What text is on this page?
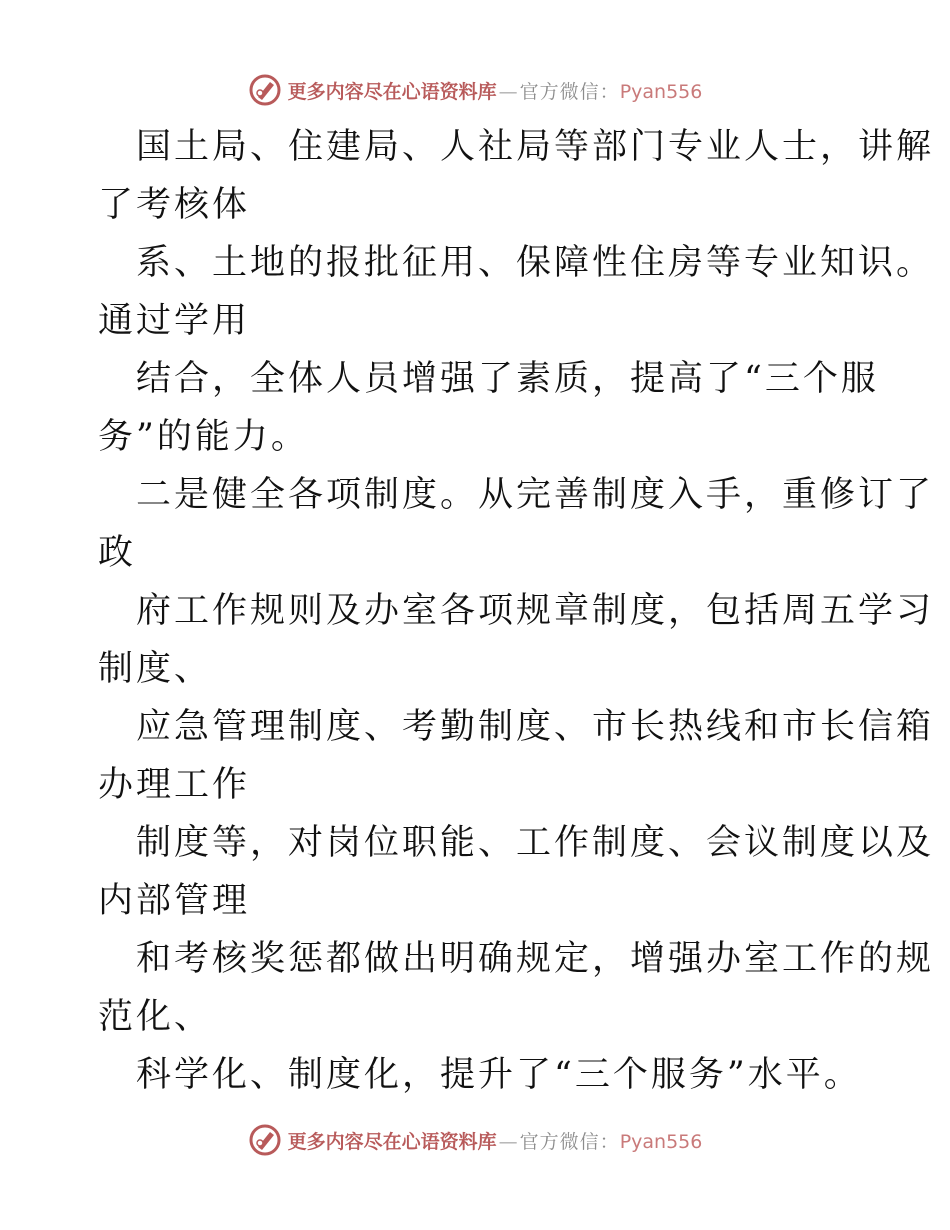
更多内容尽在心语资料库 — 官方微信：Pyan556
国土局、住建局、人社局等部门专业人士，讲解
了考核体
系、土地的报批征用、保障性住房等专业知识。
通过学用
结合，全体人员增强了素质，提高了“三个服
务”的能力。
二是健全各项制度。从完善制度入手，重修订了
政
府工作规则及办室各项规章制度，包括周五学习
制度、
应急管理制度、考勤制度、市长热线和市长信箱
办理工作
制度等，对岗位职能、工作制度、会议制度以及
内部管理
和考核奖惩都做出明确规定，增强办室工作的规
范化、
科学化、制度化，提升了“三个服务”水平。
更多内容尽在心语资料库 — 官方微信：Pyan556
